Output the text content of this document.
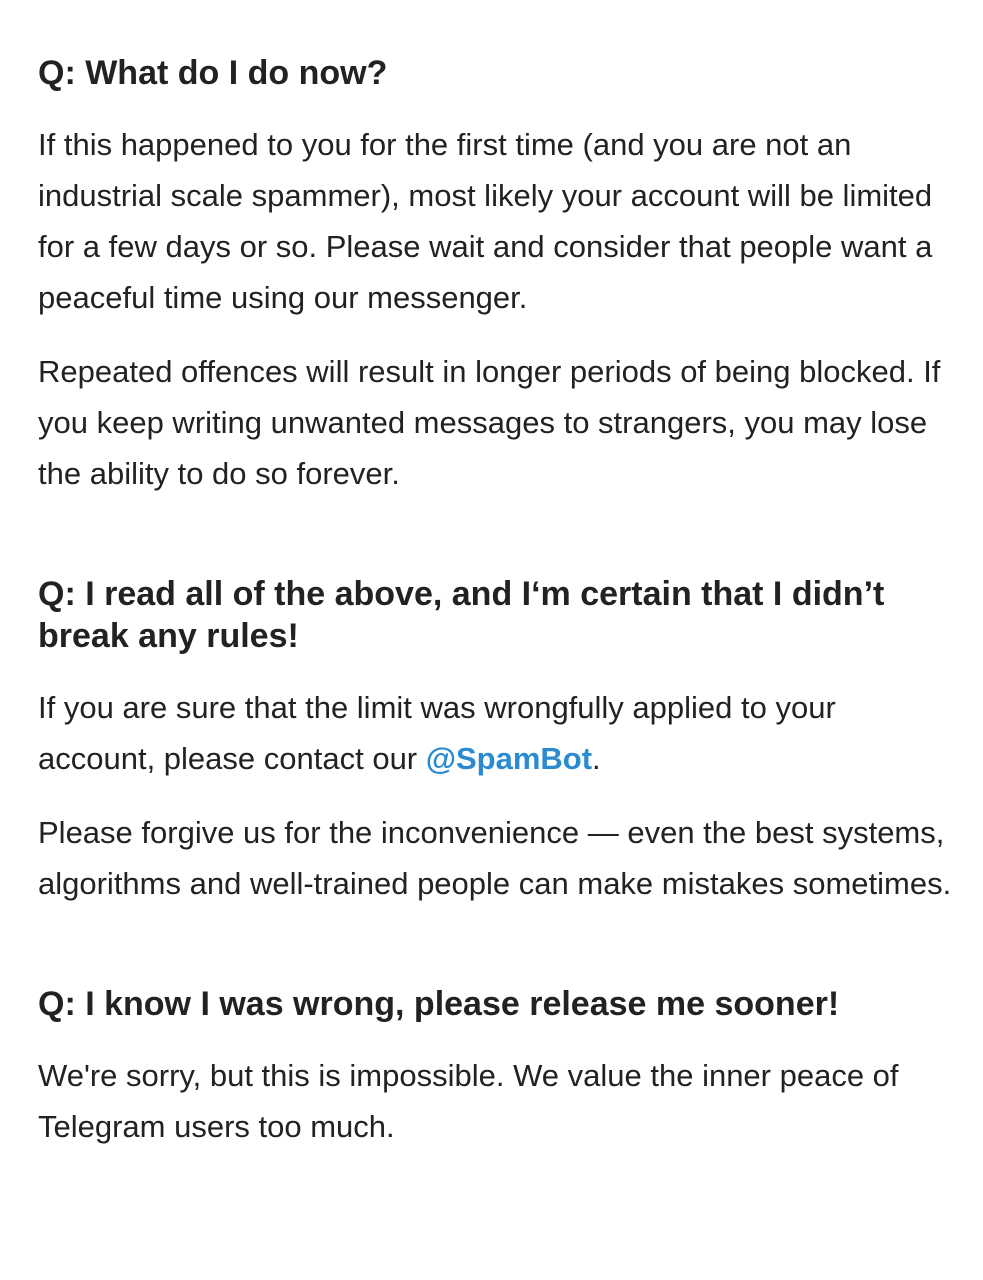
Q: What do I do now?

If this happened to you for the first time (and you are not an industrial scale spammer), most likely your account will be limited for a few days or so. Please wait and consider that people want a peaceful time using our messenger.

Repeated offences will result in longer periods of being blocked. If you keep writing unwanted messages to strangers, you may lose the ability to do so forever.

Q: I read all of the above, and I‘m certain that I didn’t break any rules!

If you are sure that the limit was wrongfully applied to your account, please contact our @SpamBot.

Please forgive us for the inconvenience — even the best systems, algorithms and well-trained people can make mistakes sometimes.

Q: I know I was wrong, please release me sooner!

We're sorry, but this is impossible. We value the inner peace of Telegram users too much.
